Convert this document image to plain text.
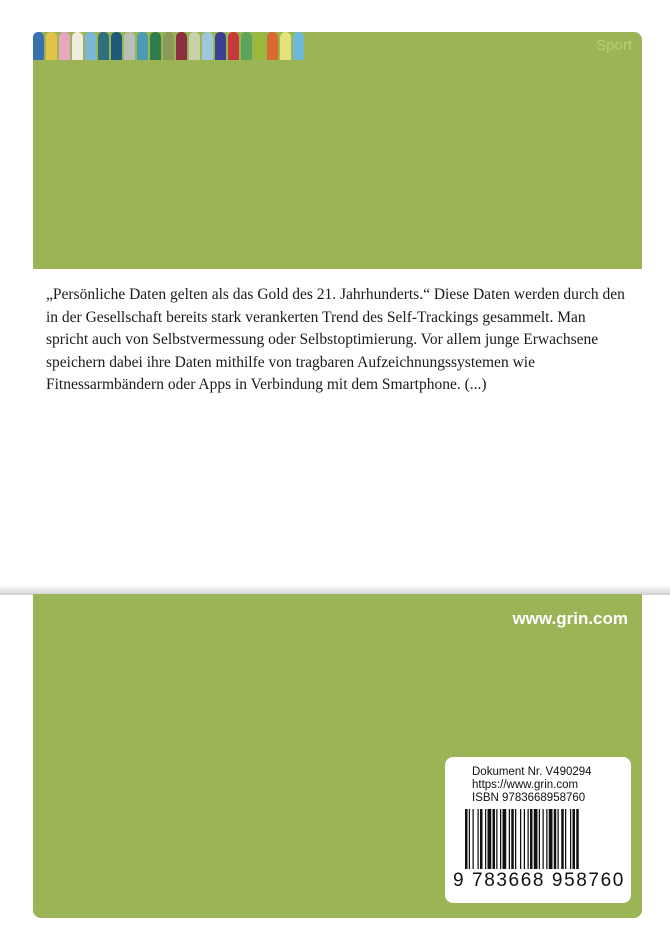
Sport

„Persönliche Daten gelten als das Gold des 21. Jahrhunderts.“ Diese Daten werden durch den in der Gesellschaft bereits stark verankerten Trend des Self-Trackings gesammelt. Man spricht auch von Selbstvermessung oder Selbstoptimierung. Vor allem junge Erwachsene speichern dabei ihre Daten mithilfe von tragbaren Aufzeichnungssystemen wie Fitnessarmbändern oder Apps in Verbindung mit dem Smartphone. (...)

www.grin.com
Dokument Nr. V490294
https://www.grin.com
ISBN 9783668958760
9 783668 958760
